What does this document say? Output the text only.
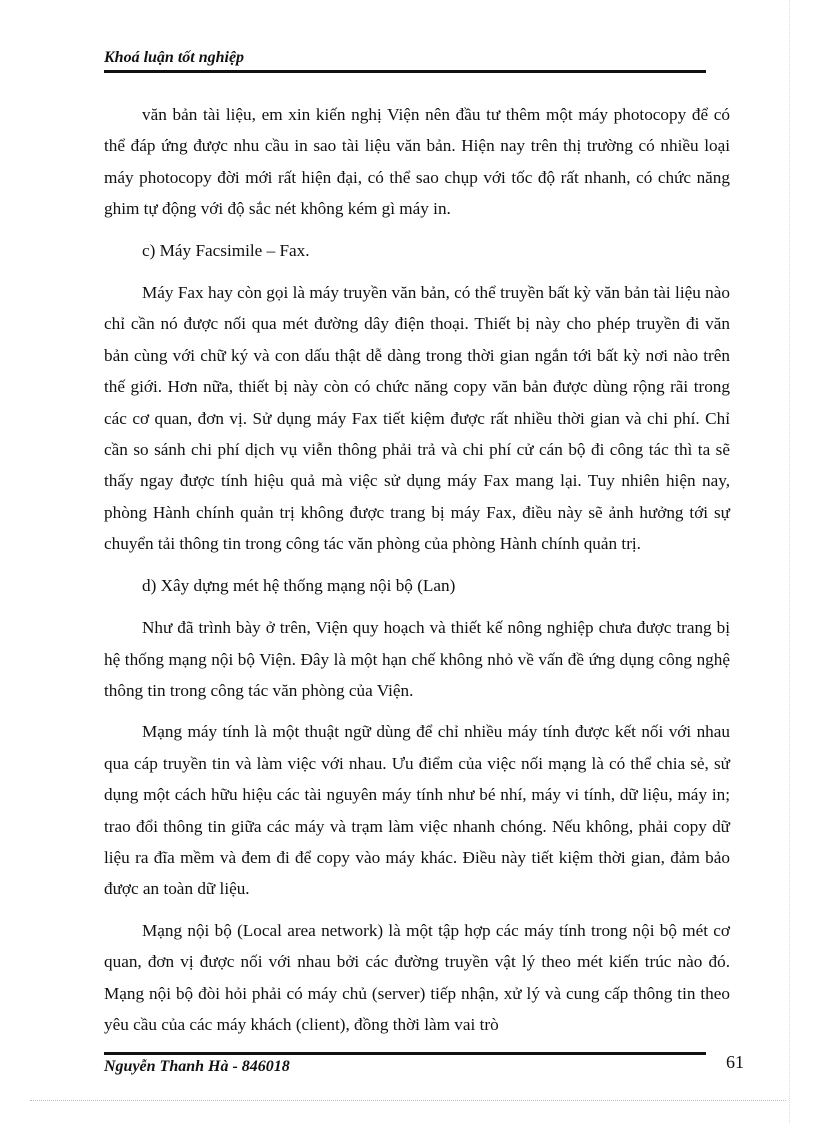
Khoá luận tốt nghiệp

văn bản tài liệu, em xin kiến nghị Viện nên đầu tư thêm một máy photocopy để có thể đáp ứng được nhu cầu in sao tài liệu văn bản. Hiện nay trên thị trường có nhiều loại máy photocopy đời mới rất hiện đại, có thể sao chụp với tốc độ rất nhanh, có chức năng ghim tự động với độ sắc nét không kém gì máy in.

c) Máy Facsimile – Fax.

Máy Fax hay còn gọi là máy truyền văn bản, có thể truyền bất kỳ văn bản tài liệu nào chỉ cần nó được nối qua mét đường dây điện thoại. Thiết bị này cho phép truyền đi văn bản cùng với chữ ký và con dấu thật dễ dàng trong thời gian ngắn tới bất kỳ nơi nào trên thế giới. Hơn nữa, thiết bị này còn có chức năng copy văn bản được dùng rộng rãi trong các cơ quan, đơn vị. Sử dụng máy Fax tiết kiệm được rất nhiều thời gian và chi phí. Chỉ cần so sánh chi phí dịch vụ viễn thông phải trả và chi phí cử cán bộ đi công tác thì ta sẽ thấy ngay được tính hiệu quả mà việc sử dụng máy Fax mang lại. Tuy nhiên hiện nay, phòng Hành chính quản trị không được trang bị máy Fax, điều này sẽ ảnh hưởng tới sự chuyển tải thông tin trong công tác văn phòng của phòng Hành chính quản trị.

d) Xây dựng mét hệ thống mạng nội bộ (Lan)

Như đã trình bày ở trên, Viện quy hoạch và thiết kế nông nghiệp chưa được trang bị hệ thống mạng nội bộ Viện. Đây là một hạn chế không nhỏ về vấn đề ứng dụng công nghệ thông tin trong công tác văn phòng của Viện.

Mạng máy tính là một thuật ngữ dùng để chỉ nhiều máy tính được kết nối với nhau qua cáp truyền tin và làm việc với nhau. Ưu điểm của việc nối mạng là có thể chia sẻ, sử dụng một cách hữu hiệu các tài nguyên máy tính như bé nhí, máy vi tính, dữ liệu, máy in; trao đổi thông tin giữa các máy và trạm làm việc nhanh chóng. Nếu không, phải copy dữ liệu ra đĩa mềm và đem đi để copy vào máy khác. Điều này tiết kiệm thời gian, đảm bảo được an toàn dữ liệu.

Mạng nội bộ (Local area network) là một tập hợp các máy tính trong nội bộ mét cơ quan, đơn vị được nối với nhau bởi các đường truyền vật lý theo mét kiến trúc nào đó. Mạng nội bộ đòi hỏi phải có máy chủ (server) tiếp nhận, xử lý và cung cấp thông tin theo yêu cầu của các máy khách (client), đồng thời làm vai trò

Nguyễn Thanh Hà - 846018	61
